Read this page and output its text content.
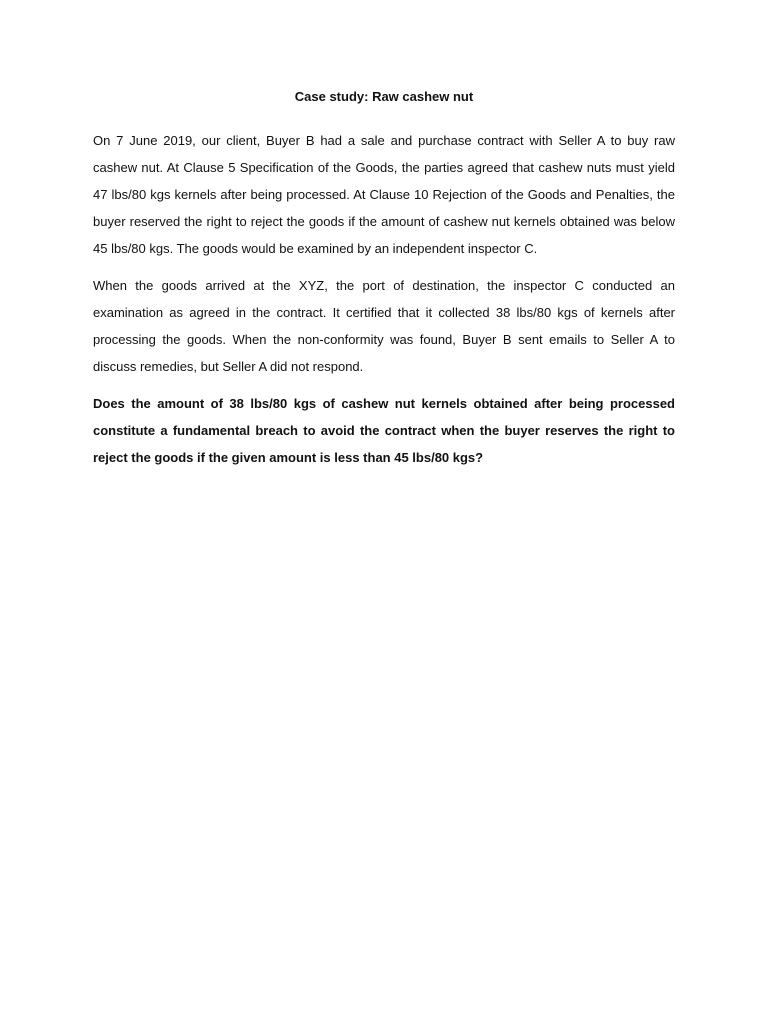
Case study: Raw cashew nut

On 7 June 2019, our client, Buyer B had a sale and purchase contract with Seller A to buy raw cashew nut. At Clause 5 Specification of the Goods, the parties agreed that cashew nuts must yield 47 lbs/80 kgs kernels after being processed. At Clause 10 Rejection of the Goods and Penalties, the buyer reserved the right to reject the goods if the amount of cashew nut kernels obtained was below 45 lbs/80 kgs. The goods would be examined by an independent inspector C.

When the goods arrived at the XYZ, the port of destination, the inspector C conducted an examination as agreed in the contract. It certified that it collected 38 lbs/80 kgs of kernels after processing the goods. When the non-conformity was found, Buyer B sent emails to Seller A to discuss remedies, but Seller A did not respond.

Does the amount of 38 lbs/80 kgs of cashew nut kernels obtained after being processed constitute a fundamental breach to avoid the contract when the buyer reserves the right to reject the goods if the given amount is less than 45 lbs/80 kgs?
